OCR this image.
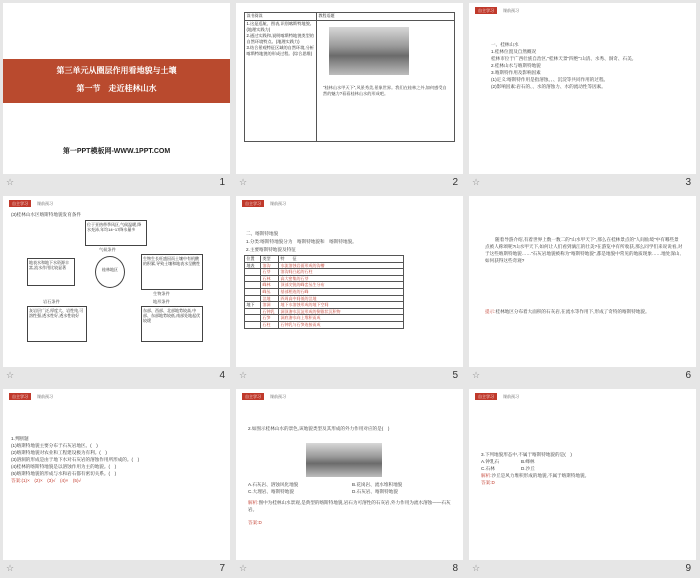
第三单元从圈层作用看地貌与土壤
第一节　走近桂林山水
第一PPT模板网-WWW.1PPT.COM
☆	1
读书阅读	教程语题
1.这是巡航、图表,识别喀斯特地貌。(地理实践力)
2.通过实践和,说明喀斯特地貌类型的自然环境特点。(地理实践力)
3.结合景观特征区域的自然环境,分析喀斯特地貌的形成过程。(综合思维)	"桂林山水甲天下",风景秀美,景象世界。我们在桂林之外,如何感受自然的魅力?看看桂林山水的形成吧。
☆	2
自主学习	课前预习
一、桂林山水
1.桂林位置及自然概况
桂林市位于广西壮族自治区,"桂林天景"四绝":山清、水秀、洞奇、石美。
2.桂林山水与喀斯特地貌
3.喀斯特作用及影响因素
(1)定义:喀斯特作用是指溶蚀、、、沉淀等共同作用的过程。
(2)影响因素:岩石的、、水的溶蚀力、水的流动性等因素。
☆	3
自主学习	课前预习
(3)桂林山水区喀斯特地貌发育条件
位于亚热带季风区,气候温暖,降水充沛,年均14~17降水量多
气候条件
地表水和地下水资源丰富,流水作用比较显著	桂林地区
生物生长旺盛因而土壤中有机酸的积累,导致土壤和地表水呈酸性
生物条件
岩石条件
灰岩层广泛,厚度大、岩性纯,可溶性强,透水性好,透水性较好
地形条件
东部、西部、北部地势较高,中部、东部地势较低,南部处地起伏较缓
☆	4
自主学习	课前预习
二、喀斯特地貌
1.分类:喀斯特地貌分为　喀斯特地貌和　喀斯特地貌。
2.主要喀斯特地貌及特征
位置	类型	特　　征
地表	溶沟	水流溶蚀岩面形成的沟槽
	石芽	溶沟间凸起的石柱
	石林	高大密集的石芽
	峰林	顶部尖锐的峰峦丛生分布
	峰丛	基部相连的石峰
	洼地	四周高中间低的洼地
地下	溶洞	地下水溶蚀形成的地下空间
	石钟乳	洞顶渗水沉淀形成的倒锥状沉积物
	石笋	洞底渗水向上堆积而成
	石柱	石钟乳与石笋连接而成
☆	5
随着导游介绍,有着世界上数一数二的"山水甲天下",那么在桂林景点的"人间仙境"中有哪些景点被人称颂呢?山水甲天下,如何让人们看到漓江的壮美?在游览中有所收获,那么同学们来说说看,对于这些喀斯特地貌……"石灰岩地貌被称为"喀斯特地貌",都是地貌中常见的地质现象……地处深山,如何获得这些奇观?
提示:桂林地区分布着大面积的石灰岩,在流水等作用下,形成了奇特的喀斯特地貌。
☆	6
自主学习	课前预习
1.判断题
(1)喀斯特地貌主要分布于石灰岩地区。(　)
(2)喀斯特地貌对农业和工程建设极为有利。(　)
(3)溶洞的形成是由于地下水对石灰岩的溶蚀作用所形成的。(　)
(4)桂林的喀斯特地貌是以溶蚀作用为主的地貌。(　)
(5)喀斯特地貌的形成与水和岩石都有密切关系。(　)
答案:(1)×　(2)×　(3)√　(4)×　(5)√
☆	7
自主学习	课前预习
2.如图示桂林山水的景色,该地貌类型及其形成的外力作用对应的是(　)
A.石灰岩、溶蚀风化地貌	B.花岗岩、流水堆积地貌
C.大理岩、喀斯特地貌	D.石灰岩、喀斯特地貌
解析:图中为桂林山水景观,是典型的喀斯特地貌,岩石为可溶性的石灰岩,外力作用为流水溶蚀——石灰岩。
答案:D
☆	8
自主学习	课前预习
3.下列地貌形态中,不属于喀斯特地貌的是(　)
A.钟乳石	B.峰林
C.石林	D.沙丘
解析:沙丘是风力堆积形成的地貌,不属于喀斯特地貌。
答案:D
☆	9
